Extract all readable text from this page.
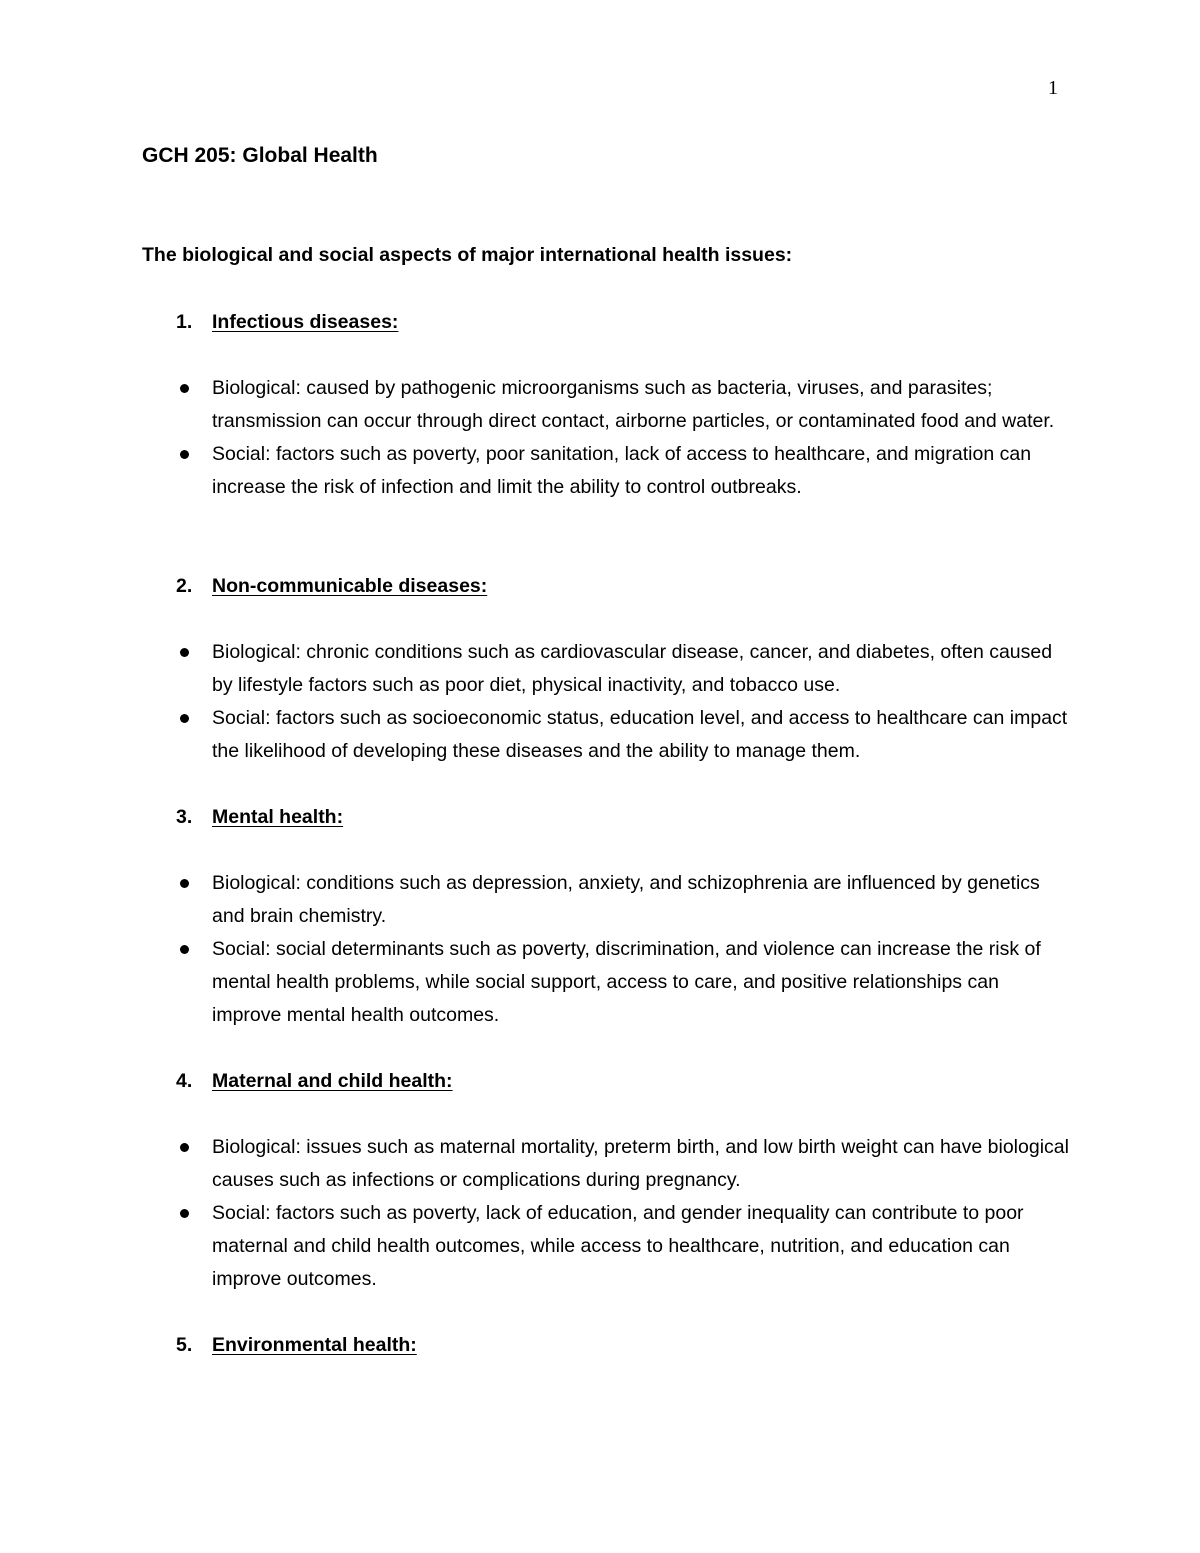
1
GCH 205: Global Health

The biological and social aspects of major international health issues:

1. Infectious diseases:
Biological: caused by pathogenic microorganisms such as bacteria, viruses, and parasites; transmission can occur through direct contact, airborne particles, or contaminated food and water.
Social: factors such as poverty, poor sanitation, lack of access to healthcare, and migration can increase the risk of infection and limit the ability to control outbreaks.
2. Non-communicable diseases:
Biological: chronic conditions such as cardiovascular disease, cancer, and diabetes, often caused by lifestyle factors such as poor diet, physical inactivity, and tobacco use.
Social: factors such as socioeconomic status, education level, and access to healthcare can impact the likelihood of developing these diseases and the ability to manage them.
3. Mental health:
Biological: conditions such as depression, anxiety, and schizophrenia are influenced by genetics and brain chemistry.
Social: social determinants such as poverty, discrimination, and violence can increase the risk of mental health problems, while social support, access to care, and positive relationships can improve mental health outcomes.
4. Maternal and child health:
Biological: issues such as maternal mortality, preterm birth, and low birth weight can have biological causes such as infections or complications during pregnancy.
Social: factors such as poverty, lack of education, and gender inequality can contribute to poor maternal and child health outcomes, while access to healthcare, nutrition, and education can improve outcomes.
5. Environmental health:
